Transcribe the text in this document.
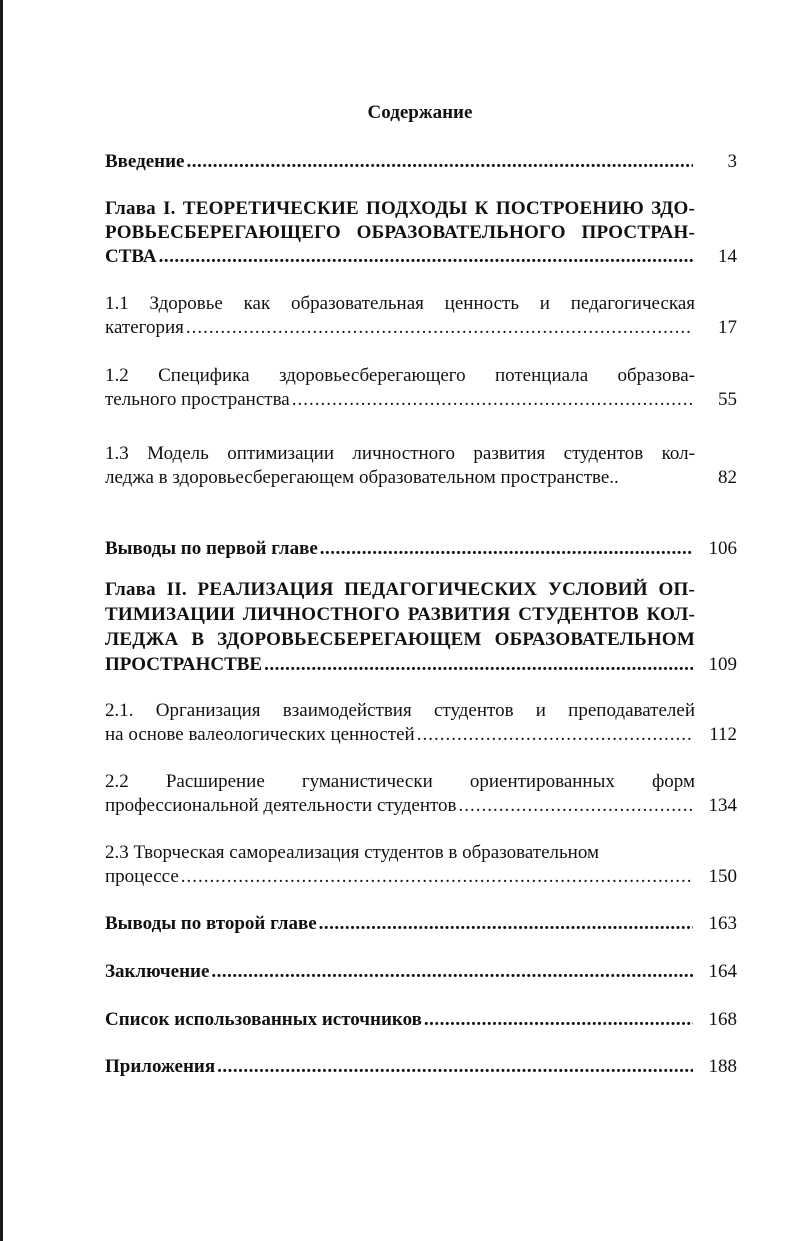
Содержание
Введение .....	3
Глава I. ТЕОРЕТИЧЕСКИЕ ПОДХОДЫ К ПОСТРОЕНИЮ ЗДО-
РОВЬЕСБЕРЕГАЮЩЕГО ОБРАЗОВАТЕЛЬНОГО ПРОСТРАН-
СТВА .....	14
1.1 Здоровье как образовательная ценность и педагогическая
категория .....	17
1.2 Специфика здоровьесберегающего потенциала образова-
тельного пространства .....	55
1.3 Модель оптимизации личностного развития студентов кол-
леджа в здоровьесберегающем образовательном пространстве..	82
Выводы по первой главе .....	106
Глава II. РЕАЛИЗАЦИЯ ПЕДАГОГИЧЕСКИХ УСЛОВИЙ ОП-
ТИМИЗАЦИИ ЛИЧНОСТНОГО РАЗВИТИЯ СТУДЕНТОВ КОЛ-
ЛЕДЖА В ЗДОРОВЬЕСБЕРЕГАЮЩЕМ ОБРАЗОВАТЕЛЬНОМ
ПРОСТРАНСТВЕ .....	109
2.1. Организация взаимодействия студентов и преподавателей
на основе валеологических ценностей .....	112
2.2 Расширение гуманистически ориентированных форм
профессиональной деятельности студентов .....	134
2.3 Творческая самореализация студентов в образовательном
процессе .....	150
Выводы по второй главе .....	163
Заключение .....	164
Список использованных источников .....	168
Приложения .....	188
